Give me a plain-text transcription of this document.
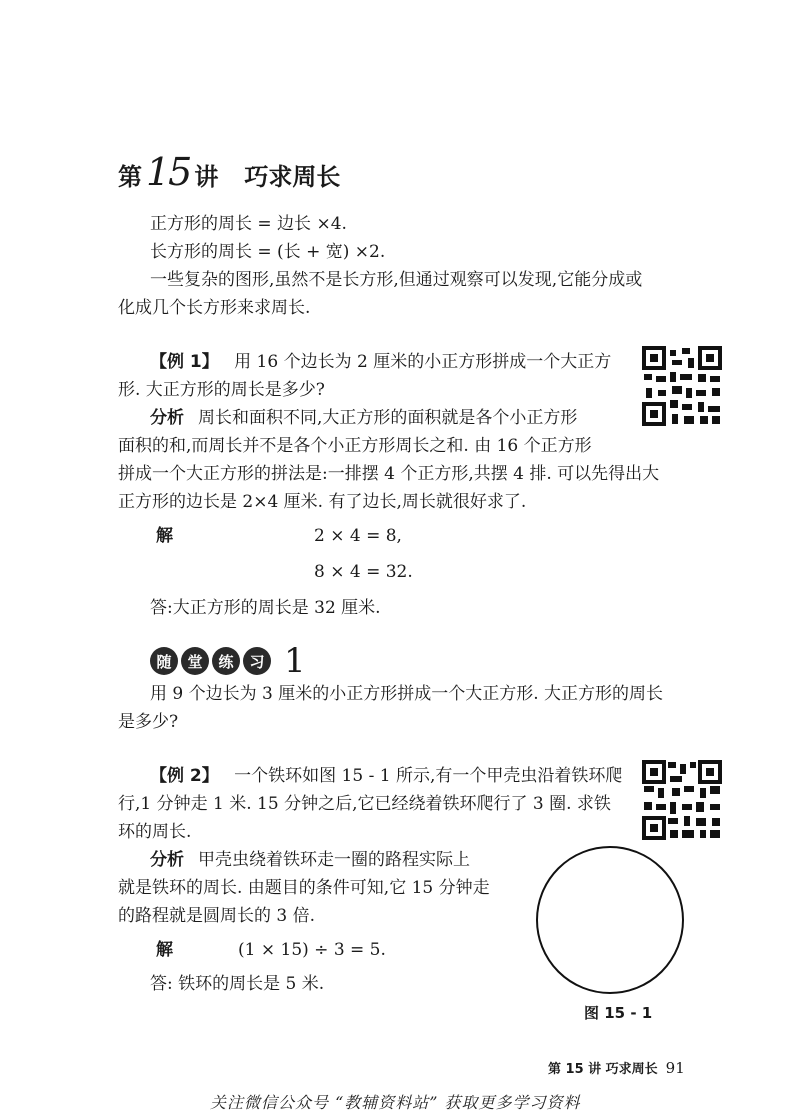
第 15 讲 巧求周长
正方形的周长 = 边长 ×4.
长方形的周长 = (长 + 宽) ×2.
一些复杂的图形,虽然不是长方形,但通过观察可以发现,它能分成或
化成几个长方形来求周长.
【例 1】 用 16 个边长为 2 厘米的小正方形拼成一个大正方
形. 大正方形的周长是多少?
分析 周长和面积不同,大正方形的面积就是各个小正方形
面积的和,而周长并不是各个小正方形周长之和. 由 16 个正方形
拼成一个大正方形的拼法是:一排摆 4 个正方形,共摆 4 排. 可以先得出大
正方形的边长是 2×4 厘米. 有了边长,周长就很好求了.
解	2 × 4 = 8,
8 × 4 = 32.
答:大正方形的周长是 32 厘米.
随	堂	练	习 1
用 9 个边长为 3 厘米的小正方形拼成一个大正方形. 大正方形的周长
是多少?
【例 2】 一个铁环如图 15 - 1 所示,有一个甲壳虫沿着铁环爬
行,1 分钟走 1 米. 15 分钟之后,它已经绕着铁环爬行了 3 圈. 求铁
环的周长.
分析 甲壳虫绕着铁环走一圈的路程实际上
就是铁环的周长. 由题目的条件可知,它 15 分钟走
的路程就是圆周长的 3 倍.
解	(1 × 15) ÷ 3 = 5.
答: 铁环的周长是 5 米.
图 15 - 1
第 15 讲 巧求周长 91
关注微信公众号 “教辅资料站” 获取更多学习资料
